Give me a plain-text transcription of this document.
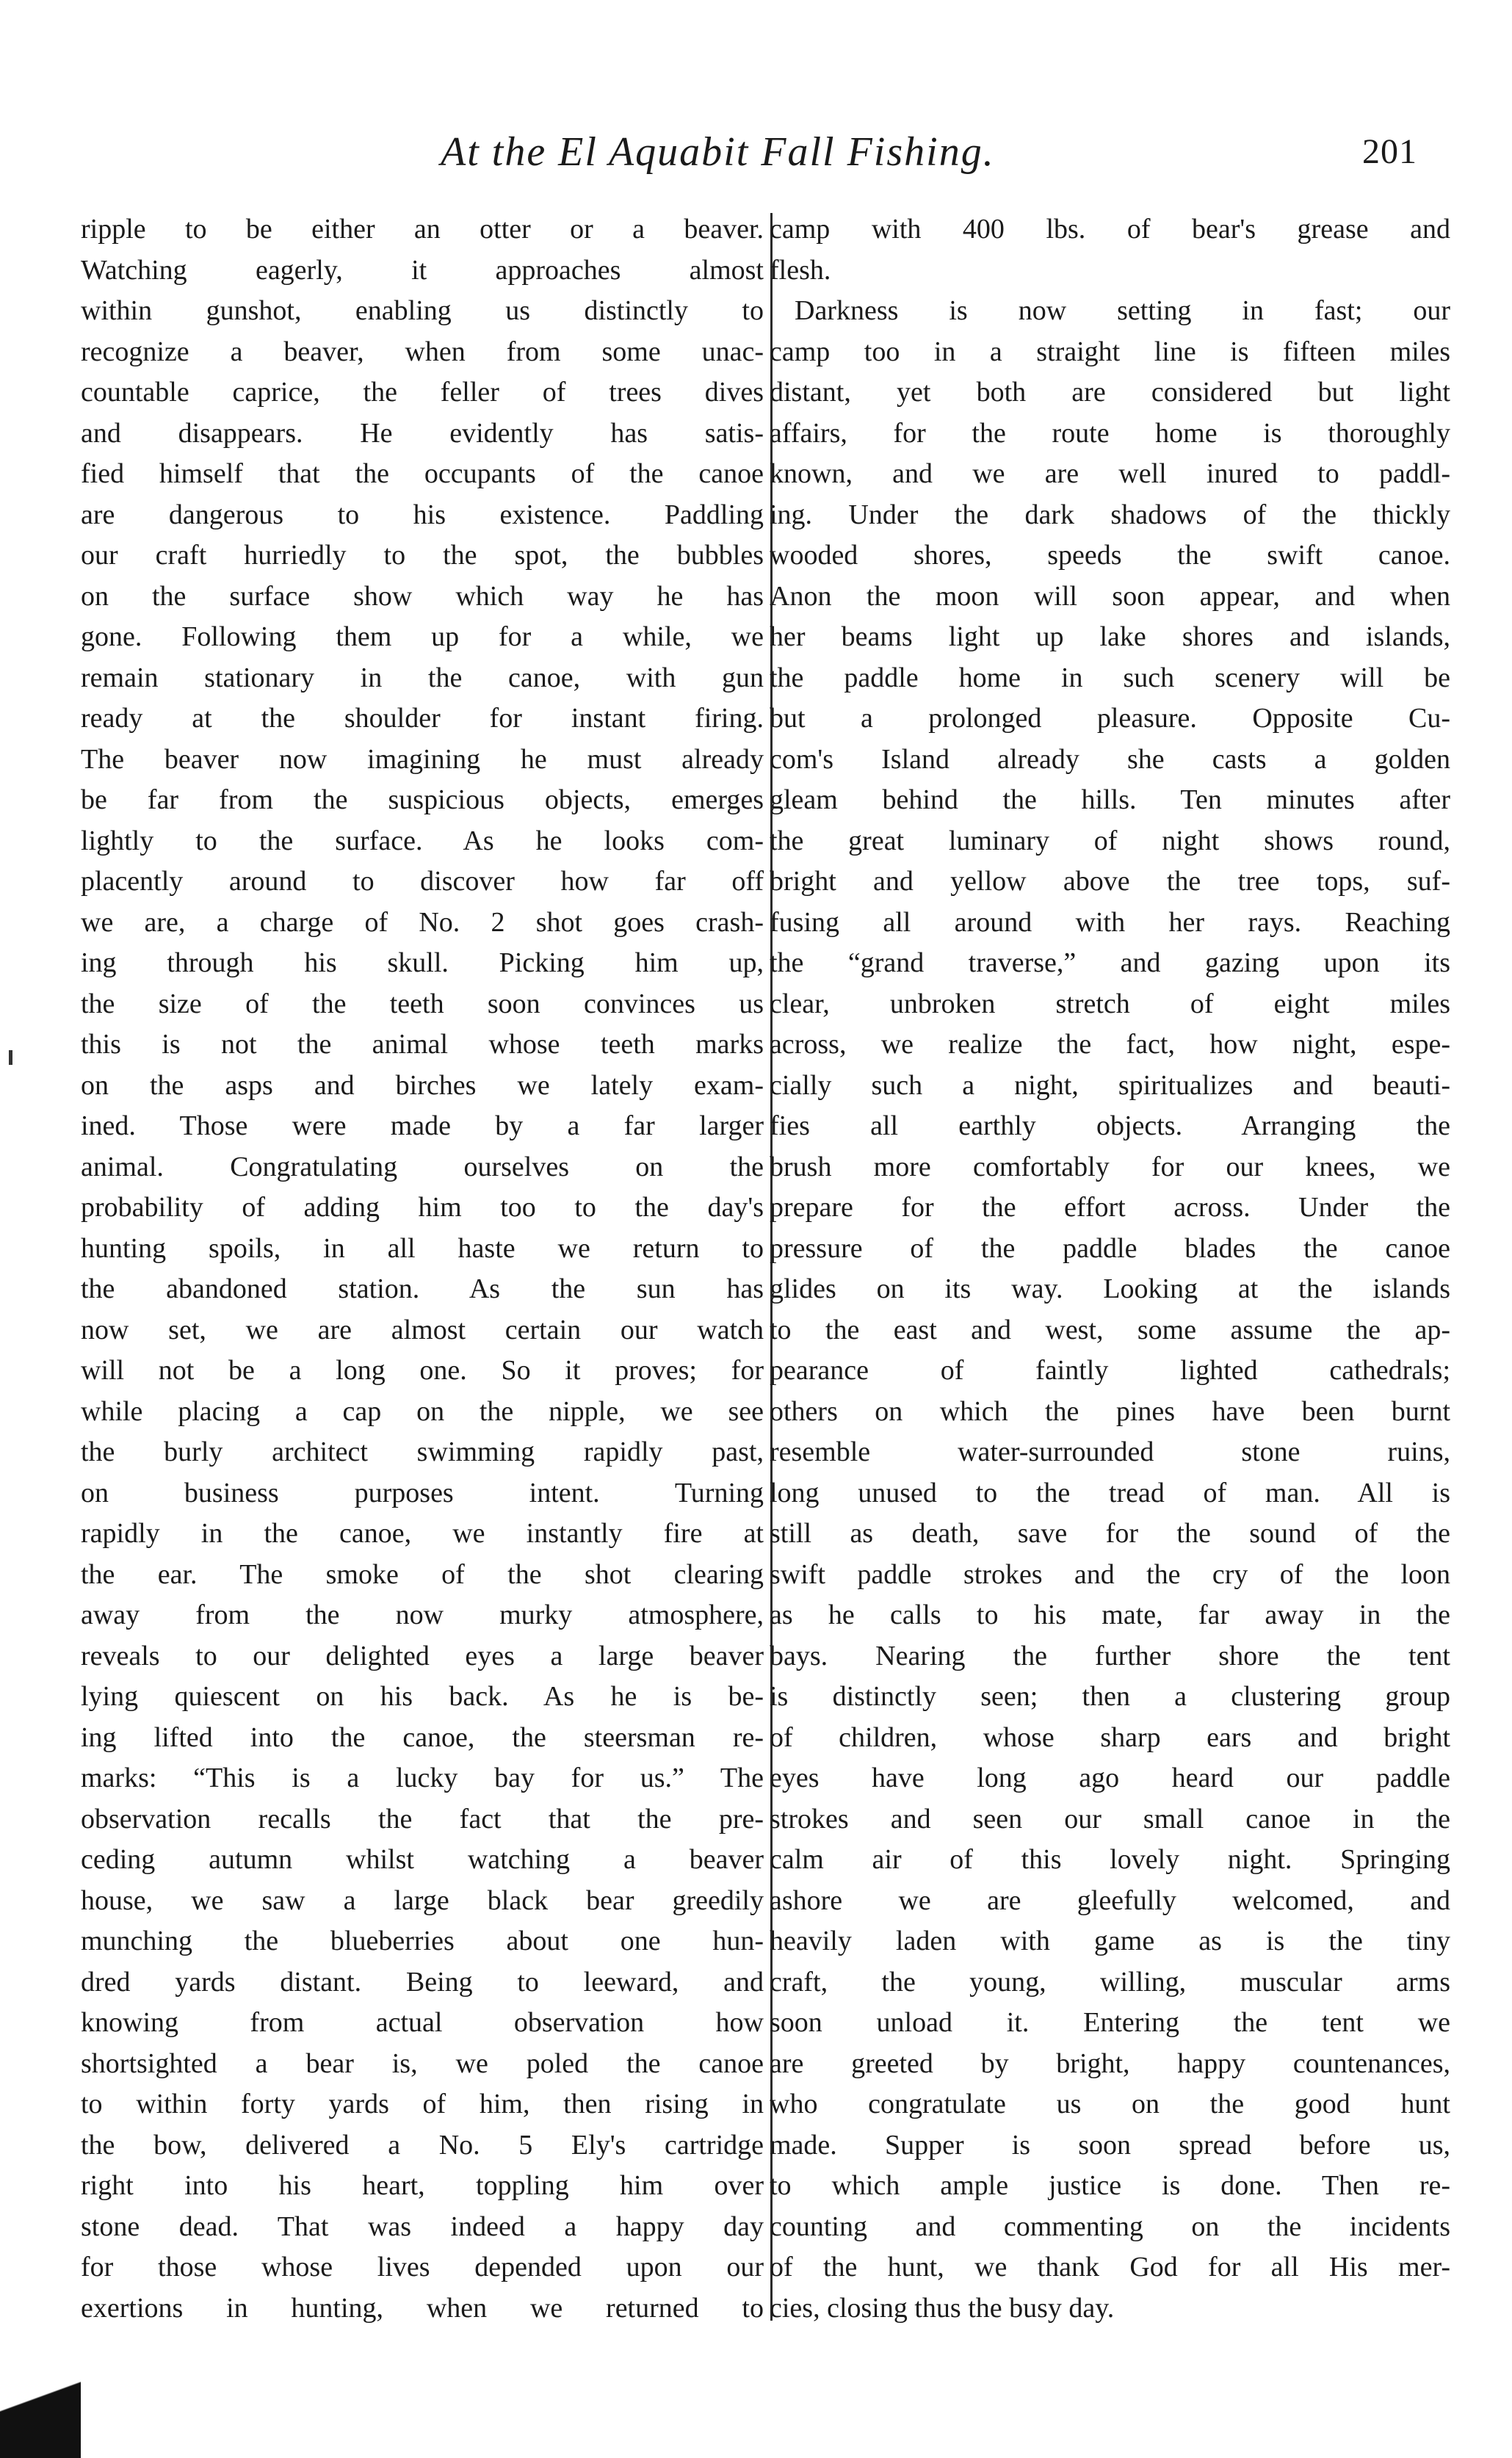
At the El Aquabit Fall Fishing.	201
ripple to be either an otter or a beaver.
Watching eagerly, it approaches almost
within gunshot, enabling us distinctly to
recognize a beaver, when from some unac-
countable caprice, the feller of trees dives
and disappears. He evidently has satis-
fied himself that the occupants of the canoe
are dangerous to his existence. Paddling
our craft hurriedly to the spot, the bubbles
on the surface show which way he has
gone. Following them up for a while, we
remain stationary in the canoe, with gun
ready at the shoulder for instant firing.
The beaver now imagining he must already
be far from the suspicious objects, emerges
lightly to the surface. As he looks com-
placently around to discover how far off
we are, a charge of No. 2 shot goes crash-
ing through his skull. Picking him up,
the size of the teeth soon convinces us
this is not the animal whose teeth marks
on the asps and birches we lately exam-
ined. Those were made by a far larger
animal. Congratulating ourselves on the
probability of adding him too to the day's
hunting spoils, in all haste we return to
the abandoned station. As the sun has
now set, we are almost certain our watch
will not be a long one. So it proves; for
while placing a cap on the nipple, we see
the burly architect swimming rapidly past,
on business purposes intent. Turning
rapidly in the canoe, we instantly fire at
the ear. The smoke of the shot clearing
away from the now murky atmosphere,
reveals to our delighted eyes a large beaver
lying quiescent on his back. As he is be-
ing lifted into the canoe, the steersman re-
marks: “This is a lucky bay for us.” The
observation recalls the fact that the pre-
ceding autumn whilst watching a beaver
house, we saw a large black bear greedily
munching the blueberries about one hun-
dred yards distant. Being to leeward, and
knowing from actual observation how
shortsighted a bear is, we poled the canoe
to within forty yards of him, then rising in
the bow, delivered a No. 5 Ely's cartridge
right into his heart, toppling him over
stone dead. That was indeed a happy day
for those whose lives depended upon our
exertions in hunting, when we returned to
camp with 400 lbs. of bear's grease and
flesh.
Darkness is now setting in fast; our
camp too in a straight line is fifteen miles
distant, yet both are considered but light
affairs, for the route home is thoroughly
known, and we are well inured to paddl-
ing. Under the dark shadows of the thickly
wooded shores, speeds the swift canoe.
Anon the moon will soon appear, and when
her beams light up lake shores and islands,
the paddle home in such scenery will be
but a prolonged pleasure. Opposite Cu-
com's Island already she casts a golden
gleam behind the hills. Ten minutes after
the great luminary of night shows round,
bright and yellow above the tree tops, suf-
fusing all around with her rays. Reaching
the “grand traverse,” and gazing upon its
clear, unbroken stretch of eight miles
across, we realize the fact, how night, espe-
cially such a night, spiritualizes and beauti-
fies all earthly objects. Arranging the
brush more comfortably for our knees, we
prepare for the effort across. Under the
pressure of the paddle blades the canoe
glides on its way. Looking at the islands
to the east and west, some assume the ap-
pearance of faintly lighted cathedrals;
others on which the pines have been burnt
resemble water-surrounded stone ruins,
long unused to the tread of man. All is
still as death, save for the sound of the
swift paddle strokes and the cry of the loon
as he calls to his mate, far away in the
bays. Nearing the further shore the tent
is distinctly seen; then a clustering group
of children, whose sharp ears and bright
eyes have long ago heard our paddle
strokes and seen our small canoe in the
calm air of this lovely night. Springing
ashore we are gleefully welcomed, and
heavily laden with game as is the tiny
craft, the young, willing, muscular arms
soon unload it. Entering the tent we
are greeted by bright, happy countenances,
who congratulate us on the good hunt
made. Supper is soon spread before us,
to which ample justice is done. Then re-
counting and commenting on the incidents
of the hunt, we thank God for all His mer-
cies, closing thus the busy day.
